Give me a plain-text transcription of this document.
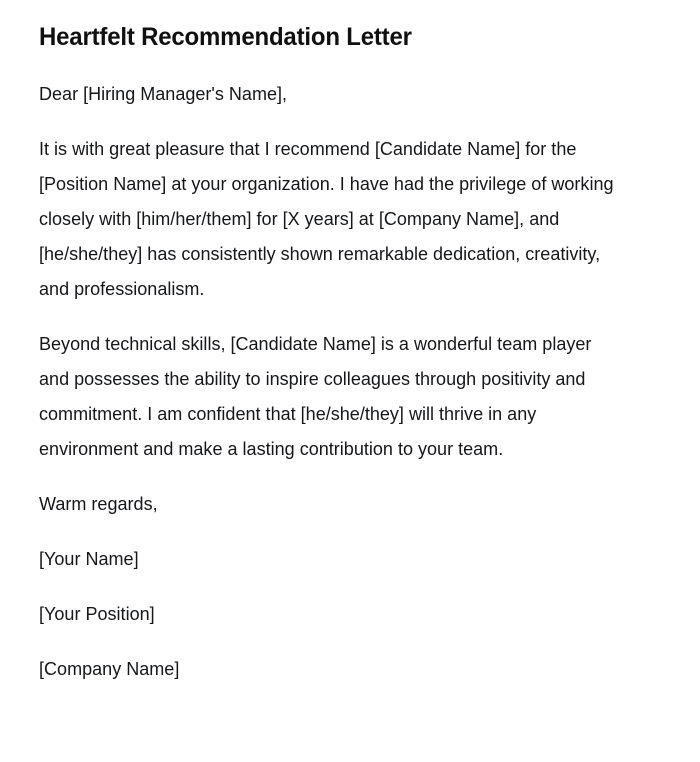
Heartfelt Recommendation Letter

Dear [Hiring Manager's Name],

It is with great pleasure that I recommend [Candidate Name] for the [Position Name] at your organization. I have had the privilege of working closely with [him/her/them] for [X years] at [Company Name], and [he/she/they] has consistently shown remarkable dedication, creativity, and professionalism.

Beyond technical skills, [Candidate Name] is a wonderful team player and possesses the ability to inspire colleagues through positivity and commitment. I am confident that [he/she/they] will thrive in any environment and make a lasting contribution to your team.

Warm regards,

[Your Name]

[Your Position]

[Company Name]
